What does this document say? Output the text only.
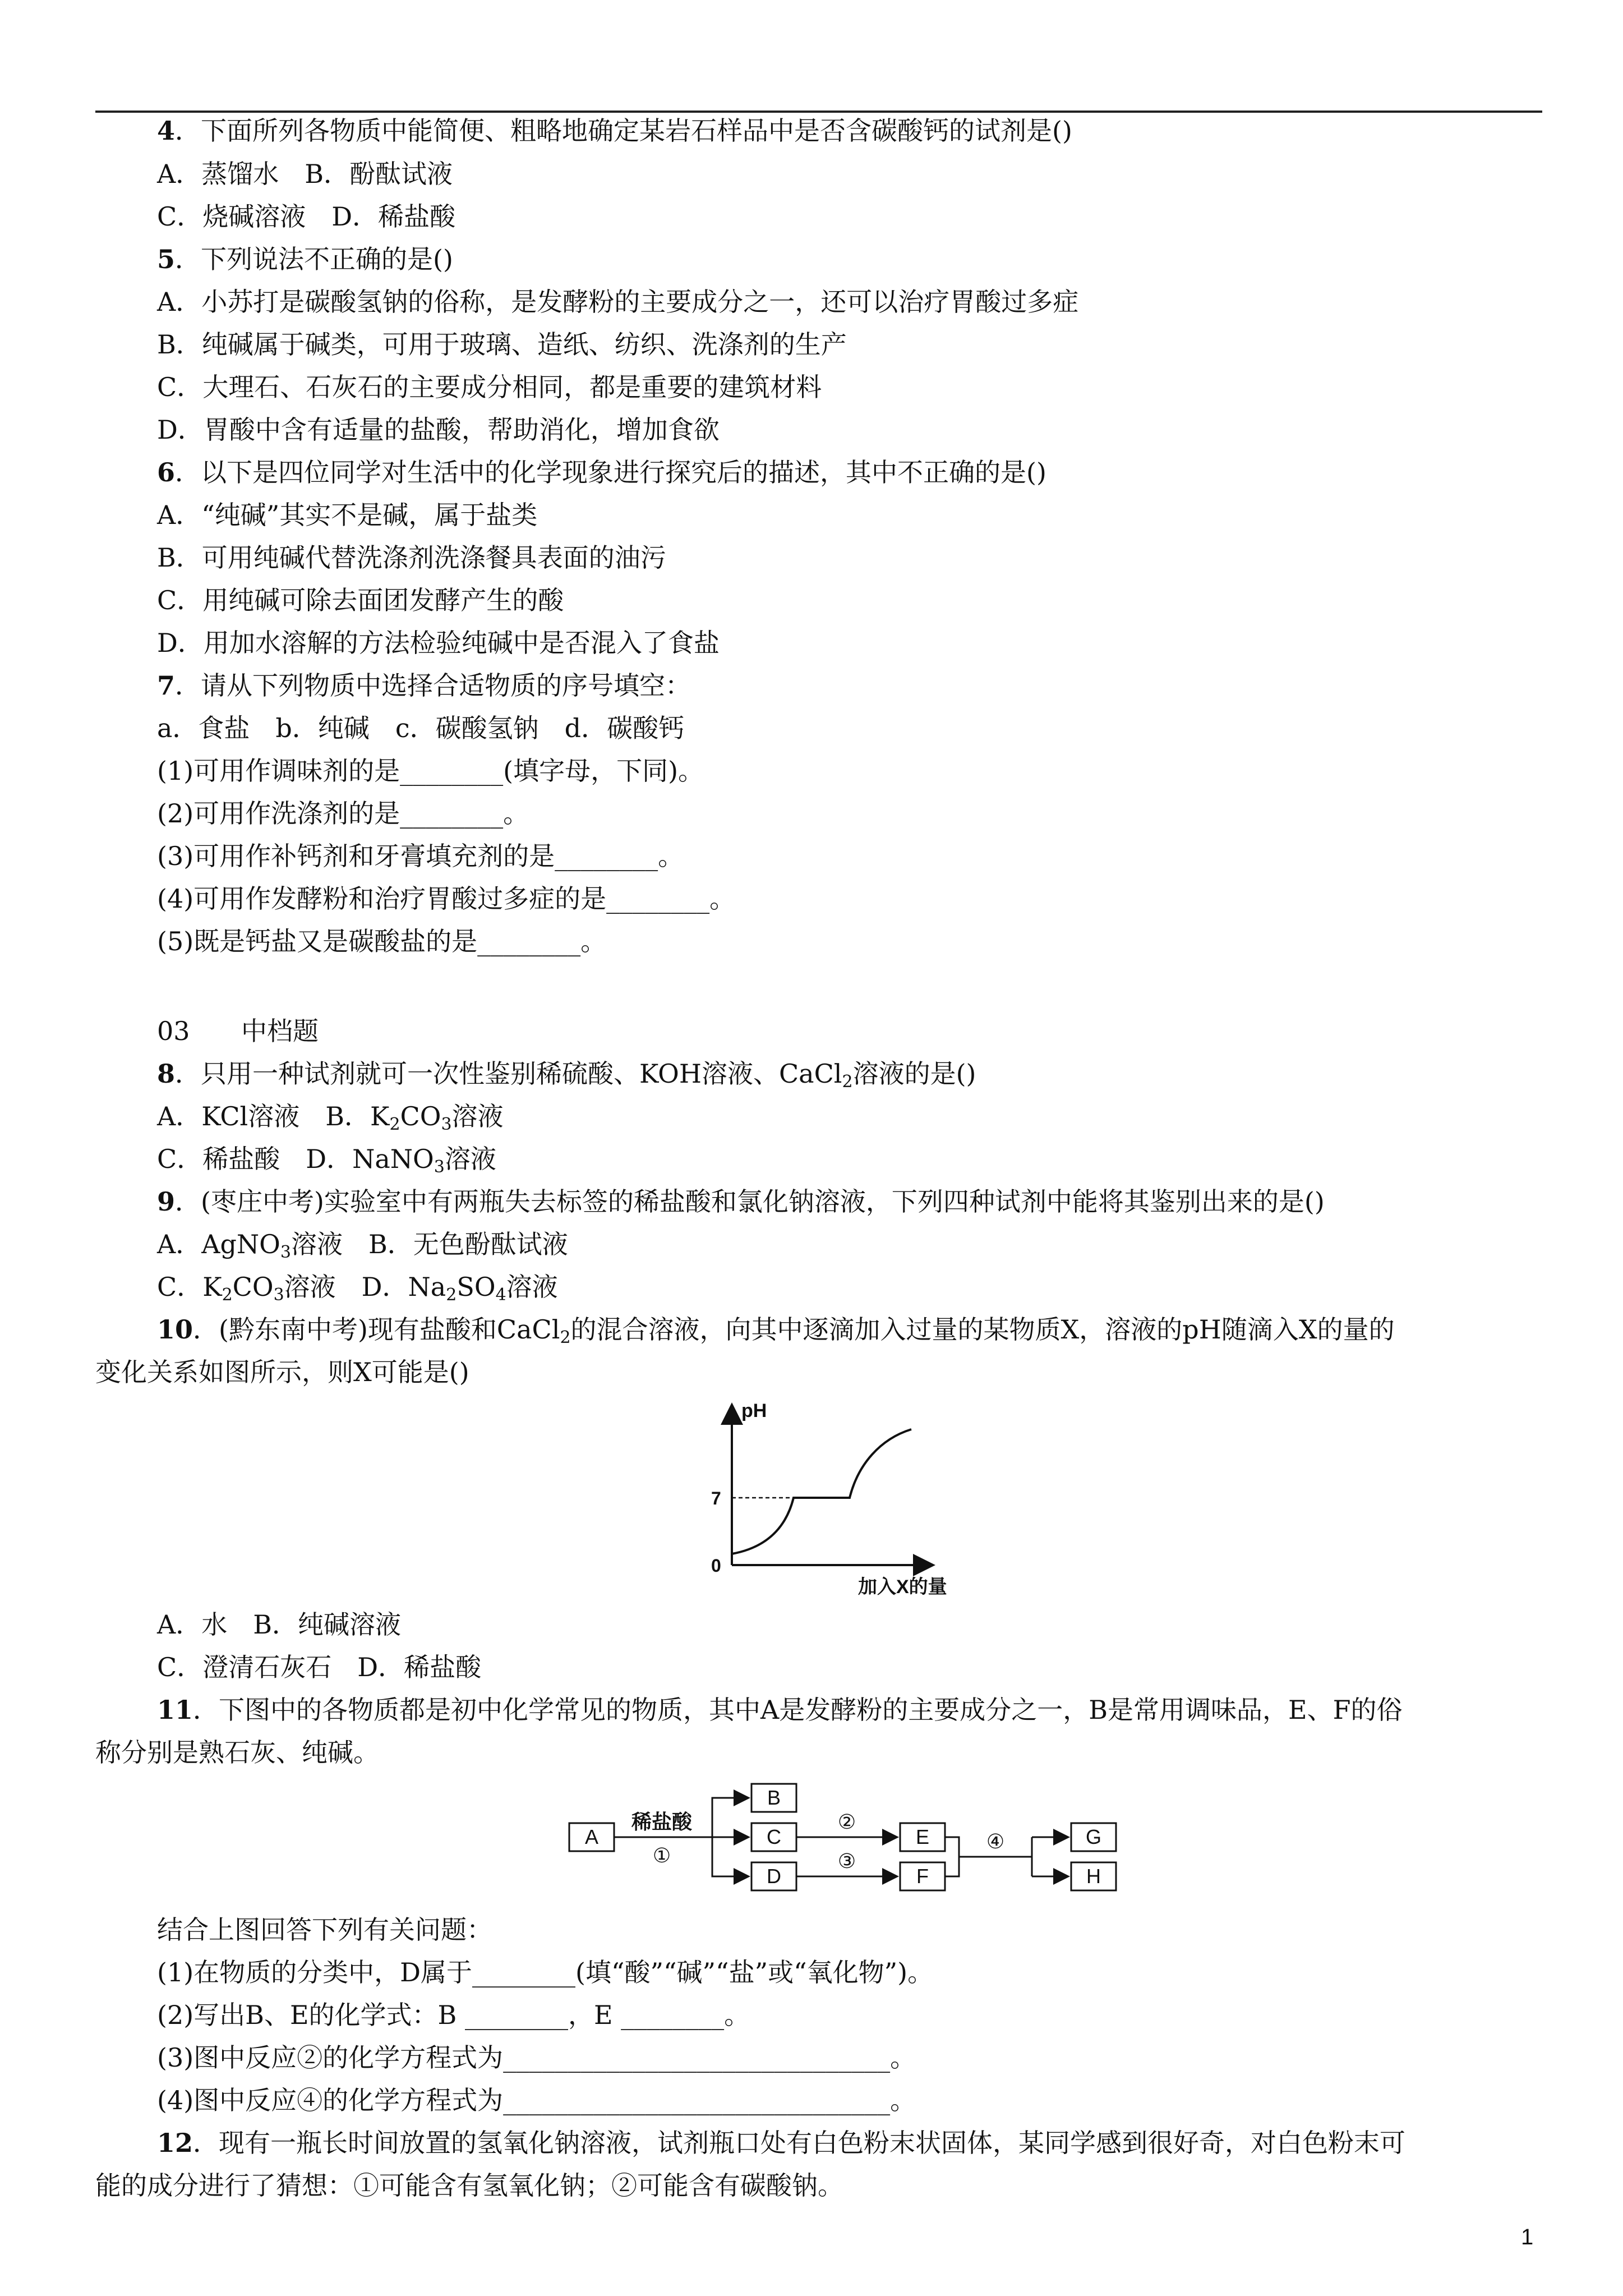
4．下面所列各物质中能简便、粗略地确定某岩石样品中是否含碳酸钙的试剂是()
A．蒸馏水　B．酚酞试液
C．烧碱溶液　D．稀盐酸
5．下列说法不正确的是()
A．小苏打是碳酸氢钠的俗称，是发酵粉的主要成分之一，还可以治疗胃酸过多症
B．纯碱属于碱类，可用于玻璃、造纸、纺织、洗涤剂的生产
C．大理石、石灰石的主要成分相同，都是重要的建筑材料
D．胃酸中含有适量的盐酸，帮助消化，增加食欲
6．以下是四位同学对生活中的化学现象进行探究后的描述，其中不正确的是()
A．“纯碱”其实不是碱，属于盐类
B．可用纯碱代替洗涤剂洗涤餐具表面的油污
C．用纯碱可除去面团发酵产生的酸
D．用加水溶解的方法检验纯碱中是否混入了食盐
7．请从下列物质中选择合适物质的序号填空：
a．食盐　b．纯碱　c．碳酸氢钠　d．碳酸钙
(1)可用作调味剂的是________(填字母，下同)。
(2)可用作洗涤剂的是________。
(3)可用作补钙剂和牙膏填充剂的是________。
(4)可用作发酵粉和治疗胃酸过多症的是________。
(5)既是钙盐又是碳酸盐的是________。
03 中档题
8．只用一种试剂就可一次性鉴别稀硫酸、KOH溶液、CaCl$_2$溶液的是()
A．KCl溶液　B．$K_2CO_3$溶液
C．稀盐酸　D．NaNO$_3$溶液
9．(枣庄中考)实验室中有两瓶失去标签的稀盐酸和氯化钠溶液，下列四种试剂中能将其鉴别出来的是()
A．AgNO$_3$溶液　B．无色酚酞试液
C．$K_2CO_3$溶液　D．$Na_2SO_4$溶液
10．(黔东南中考)现有盐酸和CaCl$_2$的混合溶液，向其中逐滴加入过量的某物质X，溶液的pH随滴入X的量的
变化关系如图所示，则X可能是()
pH
加入X的量
7
0
A．水　B．纯碱溶液
C．澄清石灰石　D．稀盐酸
11．下图中的各物质都是初中化学常见的物质，其中A是发酵粉的主要成分之一，B是常用调味品，E、F的俗
称分别是熟石灰、纯碱。
A
B
C
D
E
F
G
H
稀盐酸
①
②
③
④
结合上图回答下列有关问题：
(1)在物质的分类中，D属于________(填“酸”“碱”“盐”或“氧化物”)。
(2)写出B、E的化学式：B ________，E ________。
(3)图中反应②的化学方程式为______________________________。
(4)图中反应④的化学方程式为______________________________。
12．现有一瓶长时间放置的氢氧化钠溶液，试剂瓶口处有白色粉末状固体，某同学感到很好奇，对白色粉末可
能的成分进行了猜想：①可能含有氢氧化钠；②可能含有碳酸钠。
1
